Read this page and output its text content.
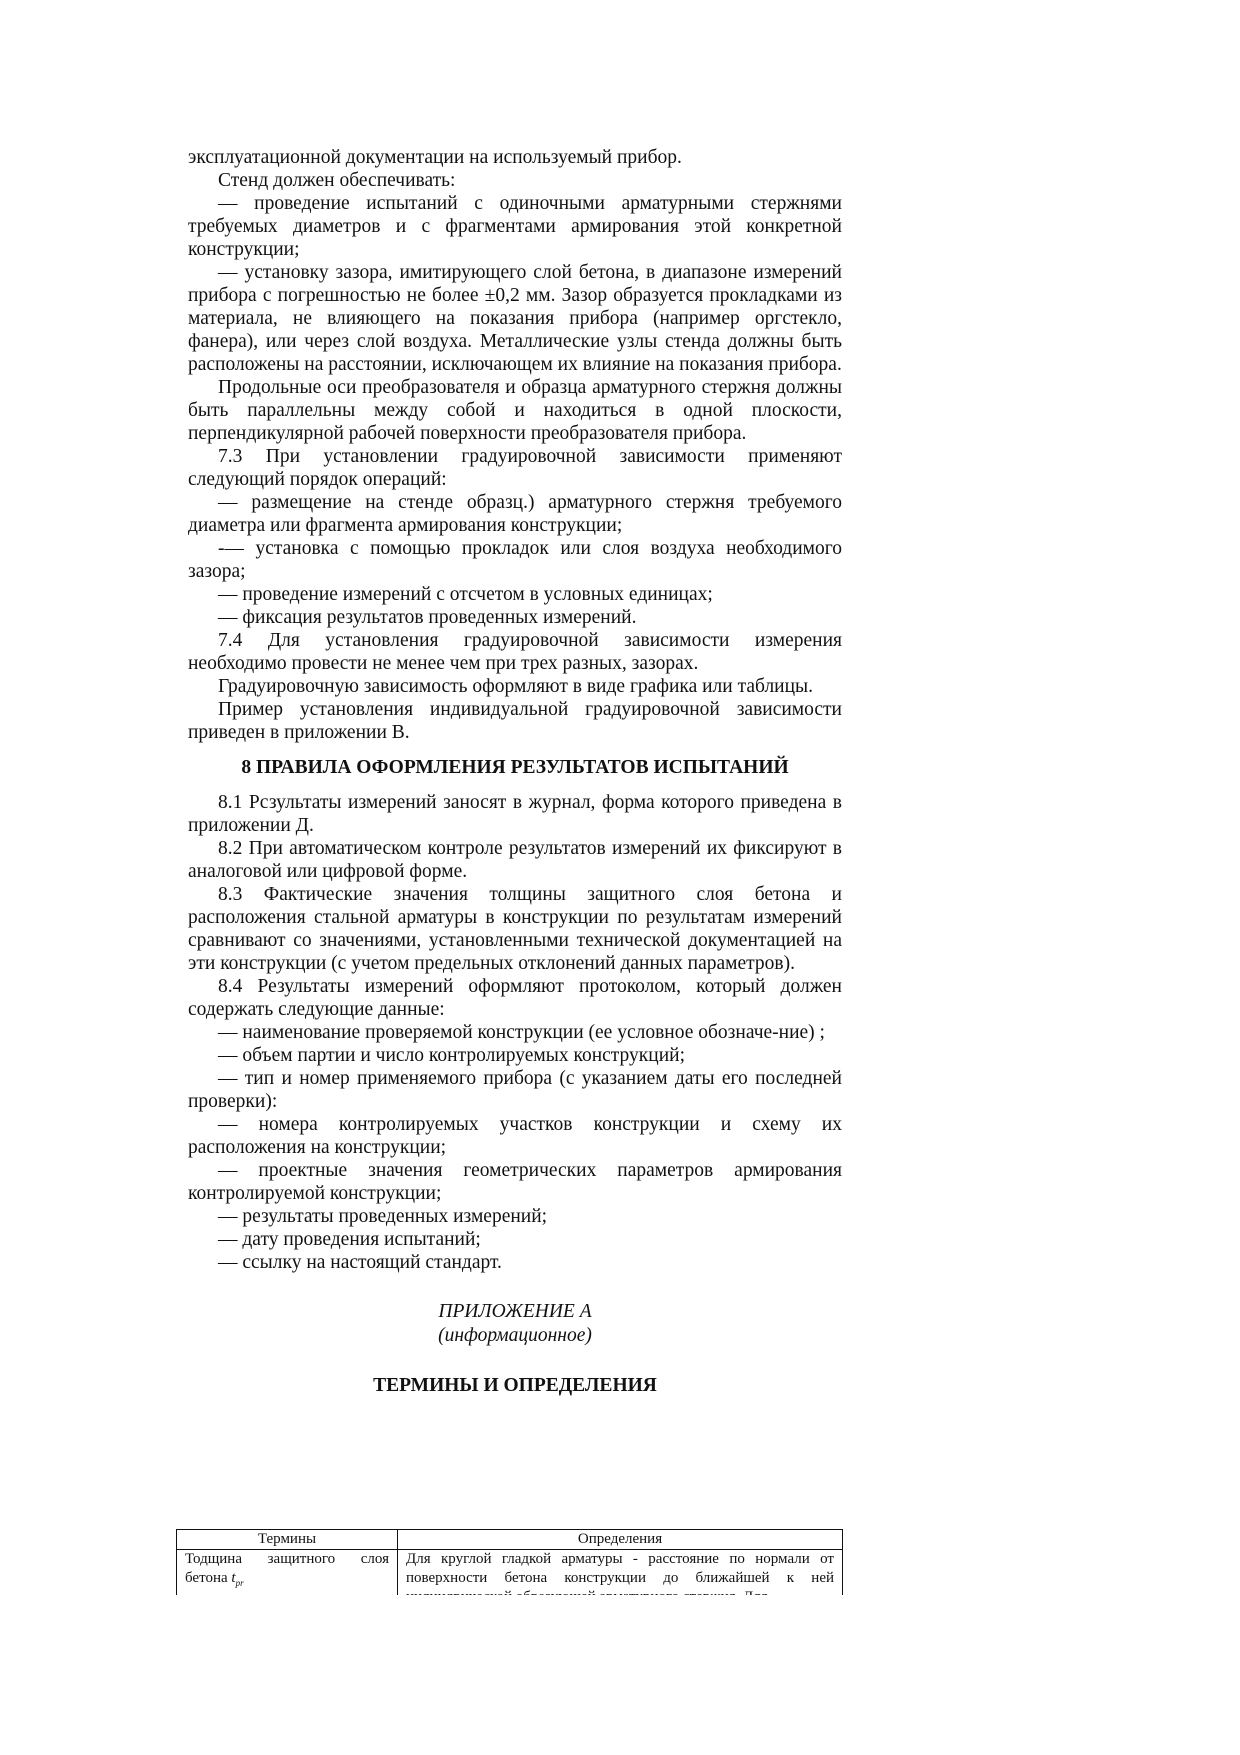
эксплуатационной документации на используемый прибор.

Стенд должен обеспечивать:

— проведение испытаний с одиночными арматурными стержнями требуемых диаметров и с фрагментами армирования этой конкретной конструкции;

— установку зазора, имитирующего слой бетона, в диапазоне измерений прибора с погрешностью не более ±0,2 мм. Зазор образуется прокладками из материала, не влияющего на показания прибора (например оргстекло, фанера), или через слой воздуха. Металлические узлы стенда должны быть расположены на расстоянии, исключающем их влияние на показания прибора.

Продольные оси преобразователя и образца арматурного стержня должны быть параллельны между собой и находиться в одной плоскости, перпендикулярной рабочей поверхности преобразователя прибора.

7.3 При установлении градуировочной зависимости применяют следующий порядок операций:

— размещение на стенде образц.) арматурного стержня требуемого диаметра или фрагмента армирования конструкции;

-— установка с помощью прокладок или слоя воздуха необходимого зазора;

— проведение измерений с отсчетом в условных единицах;

— фиксация результатов проведенных измерений.

7.4 Для установления градуировочной зависимости измерения необходимо провести не менее чем при трех разных, зазорах.

Градуировочную зависимость оформляют в виде графика или таблицы.

Пример установления индивидуальной градуировочной зависимости приведен в приложении В.

8 ПРАВИЛА ОФОРМЛЕНИЯ РЕЗУЛЬТАТОВ ИСПЫТАНИЙ

8.1 Рсзультаты измерений заносят в журнал, форма которого приведена в приложении Д.

8.2 При автоматическом контроле результатов измерений их фиксируют в аналоговой или цифровой форме.

8.3 Фактические значения толщины защитного слоя бетона и расположения стальной арматуры в конструкции по результатам измерений сравнивают со значениями, установленными технической документацией на эти конструкции (с учетом предельных отклонений данных параметров).

8.4 Результаты измерений оформляют протоколом, который должен содержать следующие данные:

— наименование проверяемой конструкции (ее условное обозначе-ние) ;

— объем партии и число контролируемых конструкций;

— тип и номер применяемого прибора (с указанием даты его последней проверки):

— номера контролируемых участков конструкции и схему их расположения на конструкции;

— проектные значения геометрических параметров армирования контролируемой конструкции;

— результаты проведенных измерений;

— дату проведения испытаний;

— ссылку на настоящий стандарт.

ПРИЛОЖЕНИЕ А
(информационное)
ТЕРМИНЫ И ОПРЕДЕЛЕНИЯ
Термины	Определения
Тодщина защитного слоя бетона $t_{pr}$	Для круглой гладкой арматуры - расстояние по нормали от поверхности бетона конструкции до ближайшей к ней
